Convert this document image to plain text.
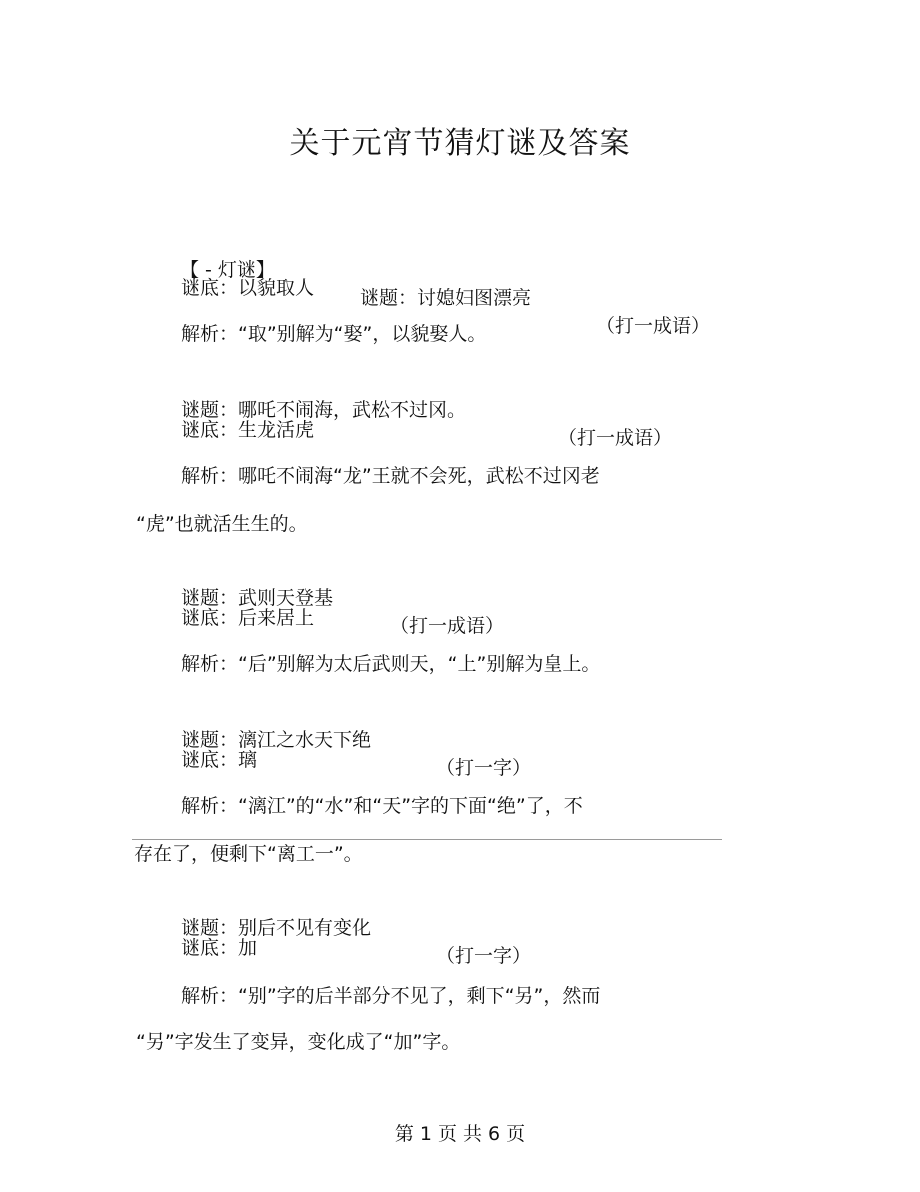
关于元宵节猜灯谜及答案

【 - 灯谜】

谜题：讨媳妇图漂亮

（打一成语）

谜底：以貌取人
解析：“取”别解为“娶”，以貌娶人。

谜题：哪吒不闹海，武松不过冈。

（打一成语）

谜底：生龙活虎
解析：哪吒不闹海“龙”王就不会死，武松不过冈老
“虎”也就活生生的。

谜题：武则天登基

（打一成语）

谜底：后来居上
解析：“后”别解为太后武则天，“上”别解为皇上。

谜题：漓江之水天下绝

（打一字）

谜底：璃
解析：“漓江”的“水”和“天”字的下面“绝”了，不
存在了，便剩下“离工一”。

谜题：别后不见有变化

（打一字）

谜底：加
解析：“别”字的后半部分不见了，剩下“另”，然而
“另”字发生了变异，变化成了“加”字。
第 1 页 共 6 页
